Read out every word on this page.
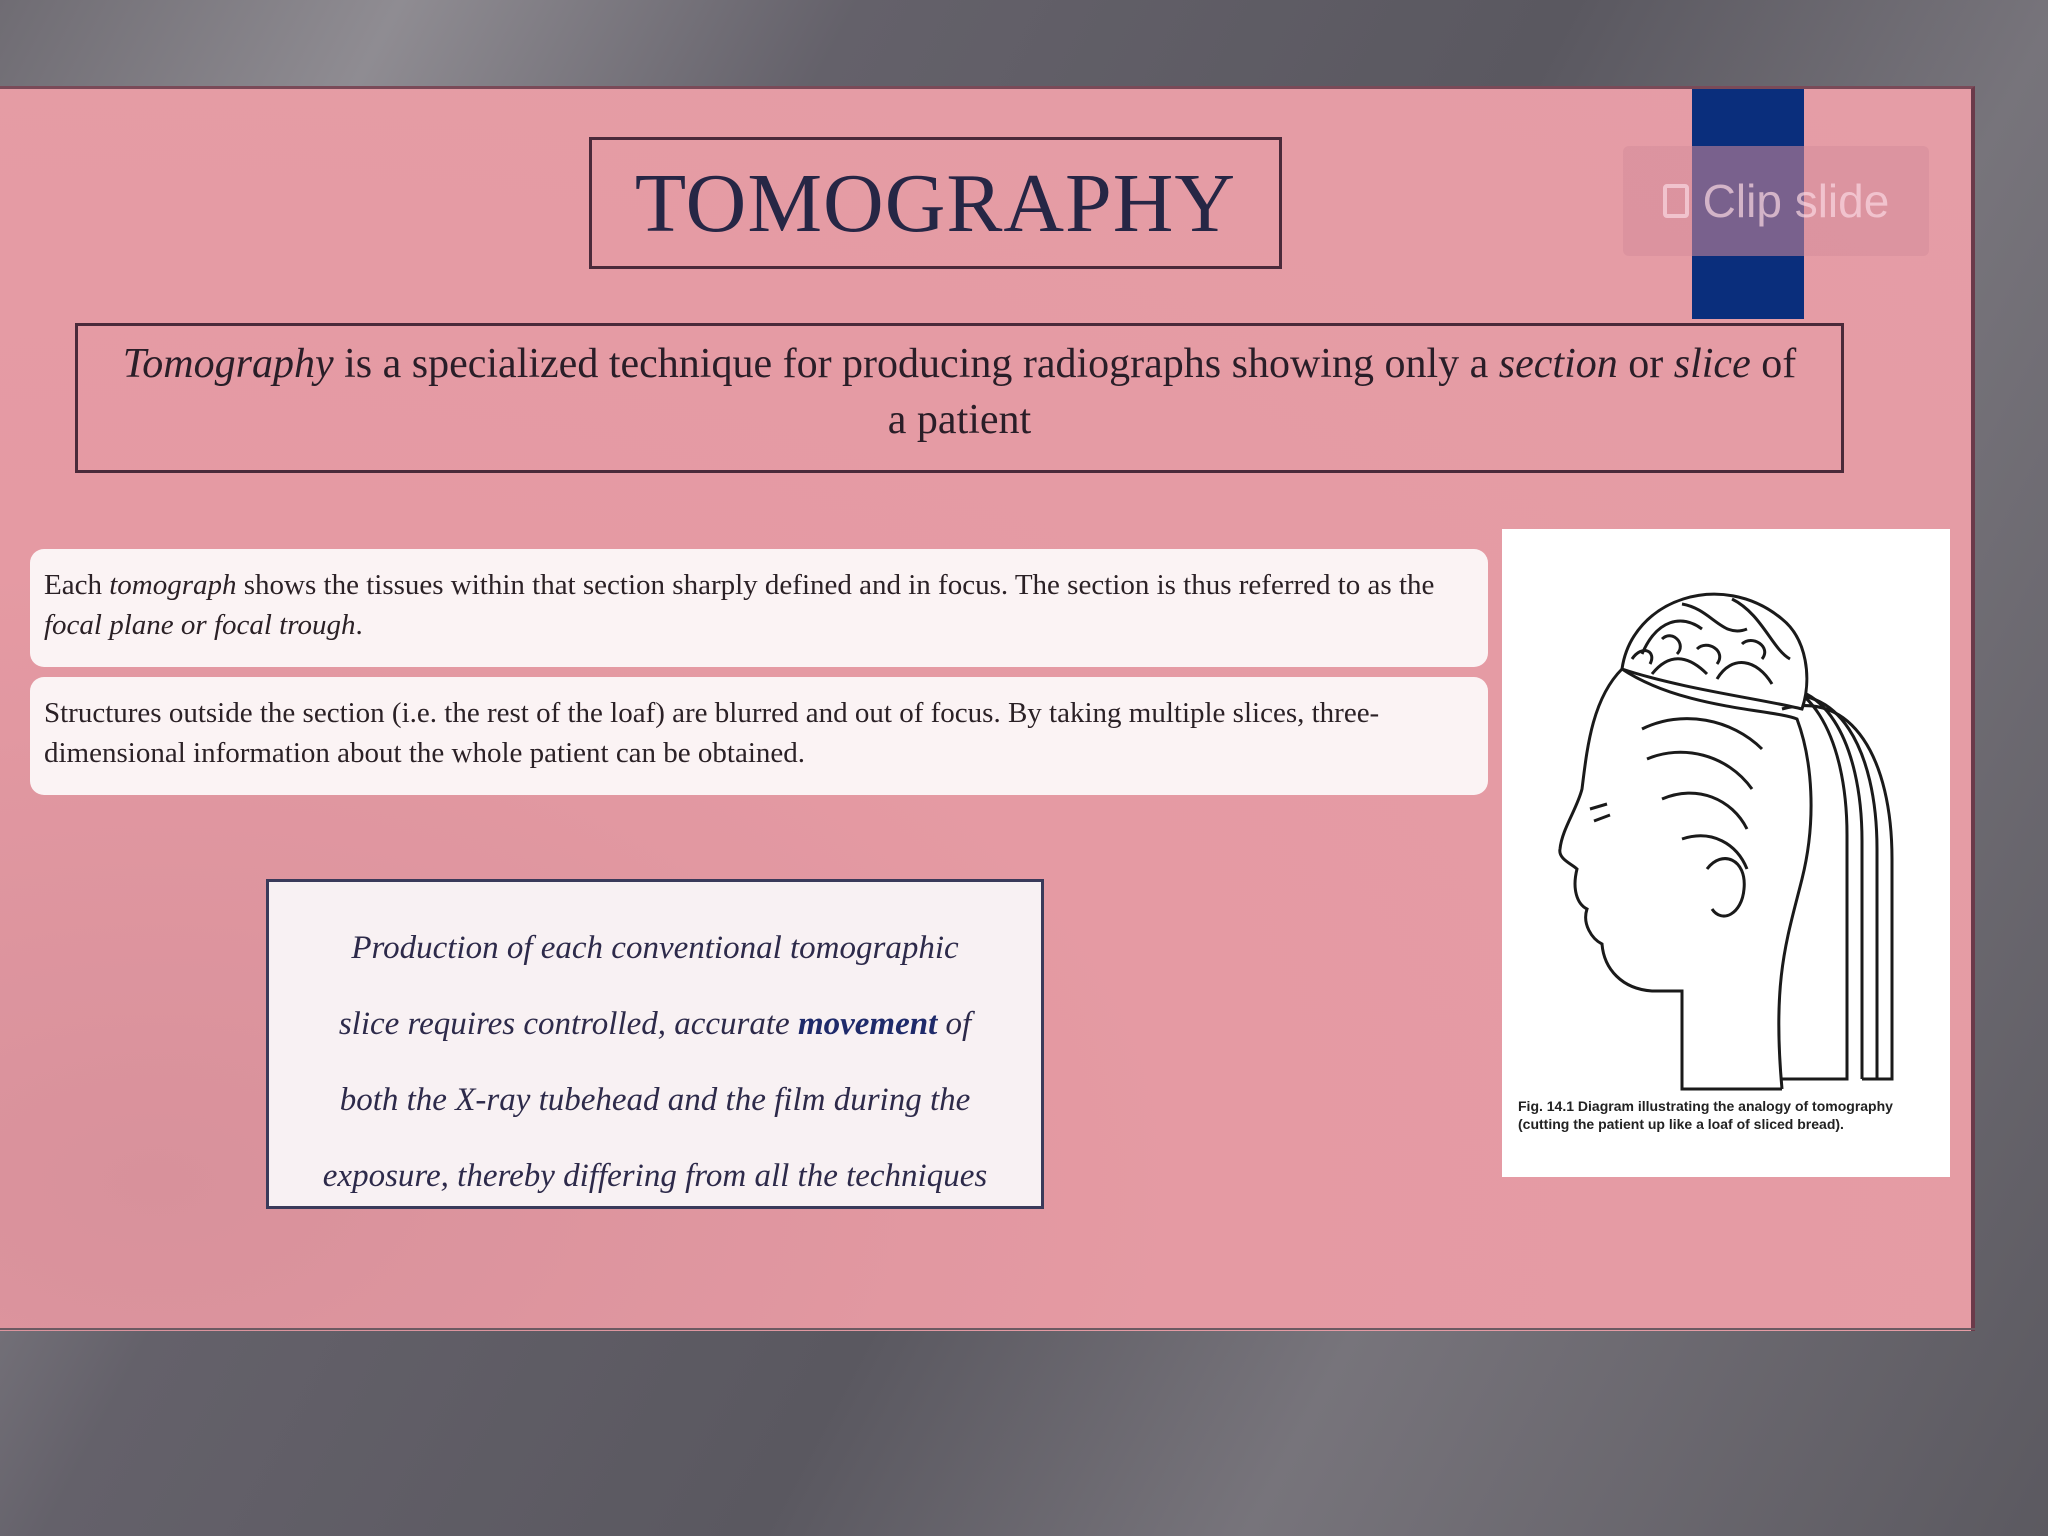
Clip slide
TOMOGRAPHY
Tomography is a specialized technique for producing radiographs showing only a section or slice of a patient
Each tomograph shows the tissues within that section sharply defined and in focus. The section is thus referred to as the focal plane or focal trough.
Structures outside the section (i.e. the rest of the loaf) are blurred and out of focus. By taking multiple slices, three-dimensional information about the whole patient can be obtained.
Production of each conventional tomographic
slice requires controlled, accurate movement of
both the X-ray tubehead and the film during the
exposure, thereby differing from all the techniques
Fig. 14.1 Diagram illustrating the analogy of tomography (cutting the patient up like a loaf of sliced bread).
